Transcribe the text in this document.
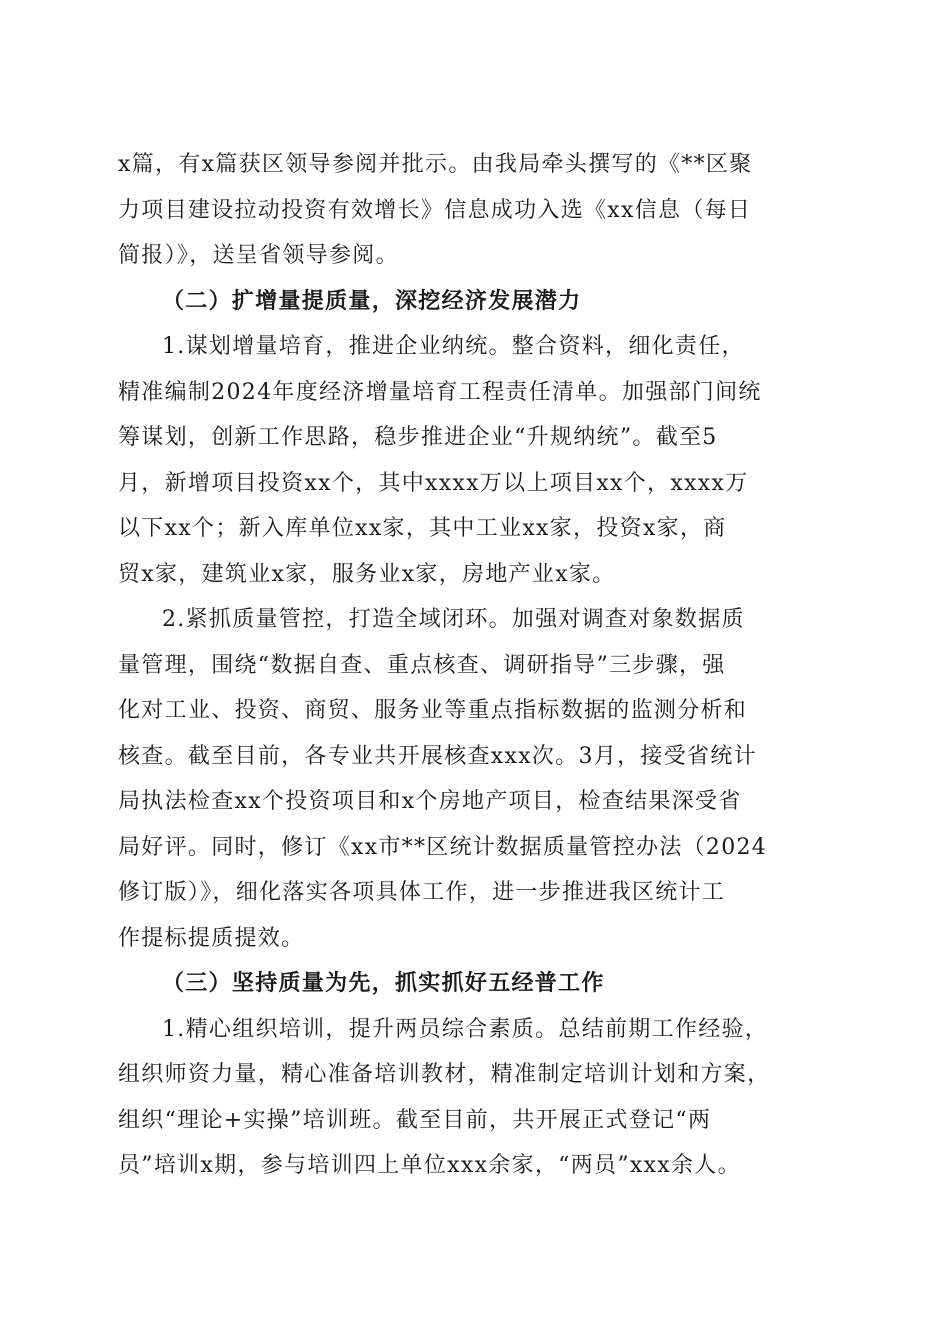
x篇，有x篇获区领导参阅并批示。由我局牵头撰写的《**区聚
力项目建设拉动投资有效增长》信息成功入选《xx信息（每日
简报）》，送呈省领导参阅。
（二）扩增量提质量，深挖经济发展潜力
1.谋划增量培育，推进企业纳统。整合资料，细化责任，
精准编制2024年度经济增量培育工程责任清单。加强部门间统
筹谋划，创新工作思路，稳步推进企业“升规纳统”。截至5
月，新增项目投资xx个，其中xxxx万以上项目xx个，xxxx万
以下xx个；新入库单位xx家，其中工业xx家，投资x家，商
贸x家，建筑业x家，服务业x家，房地产业x家。
2.紧抓质量管控，打造全域闭环。加强对调查对象数据质
量管理，围绕“数据自查、重点核查、调研指导”三步骤，强
化对工业、投资、商贸、服务业等重点指标数据的监测分析和
核查。截至目前，各专业共开展核查xxx次。3月，接受省统计
局执法检查xx个投资项目和x个房地产项目，检查结果深受省
局好评。同时，修订《xx市**区统计数据质量管控办法（2024
修订版）》，细化落实各项具体工作，进一步推进我区统计工
作提标提质提效。
（三）坚持质量为先，抓实抓好五经普工作
1.精心组织培训，提升两员综合素质。总结前期工作经验，
组织师资力量，精心准备培训教材，精准制定培训计划和方案，
组织“理论+实操”培训班。截至目前，共开展正式登记“两
员”培训x期，参与培训四上单位xxx余家，“两员”xxx余人。
